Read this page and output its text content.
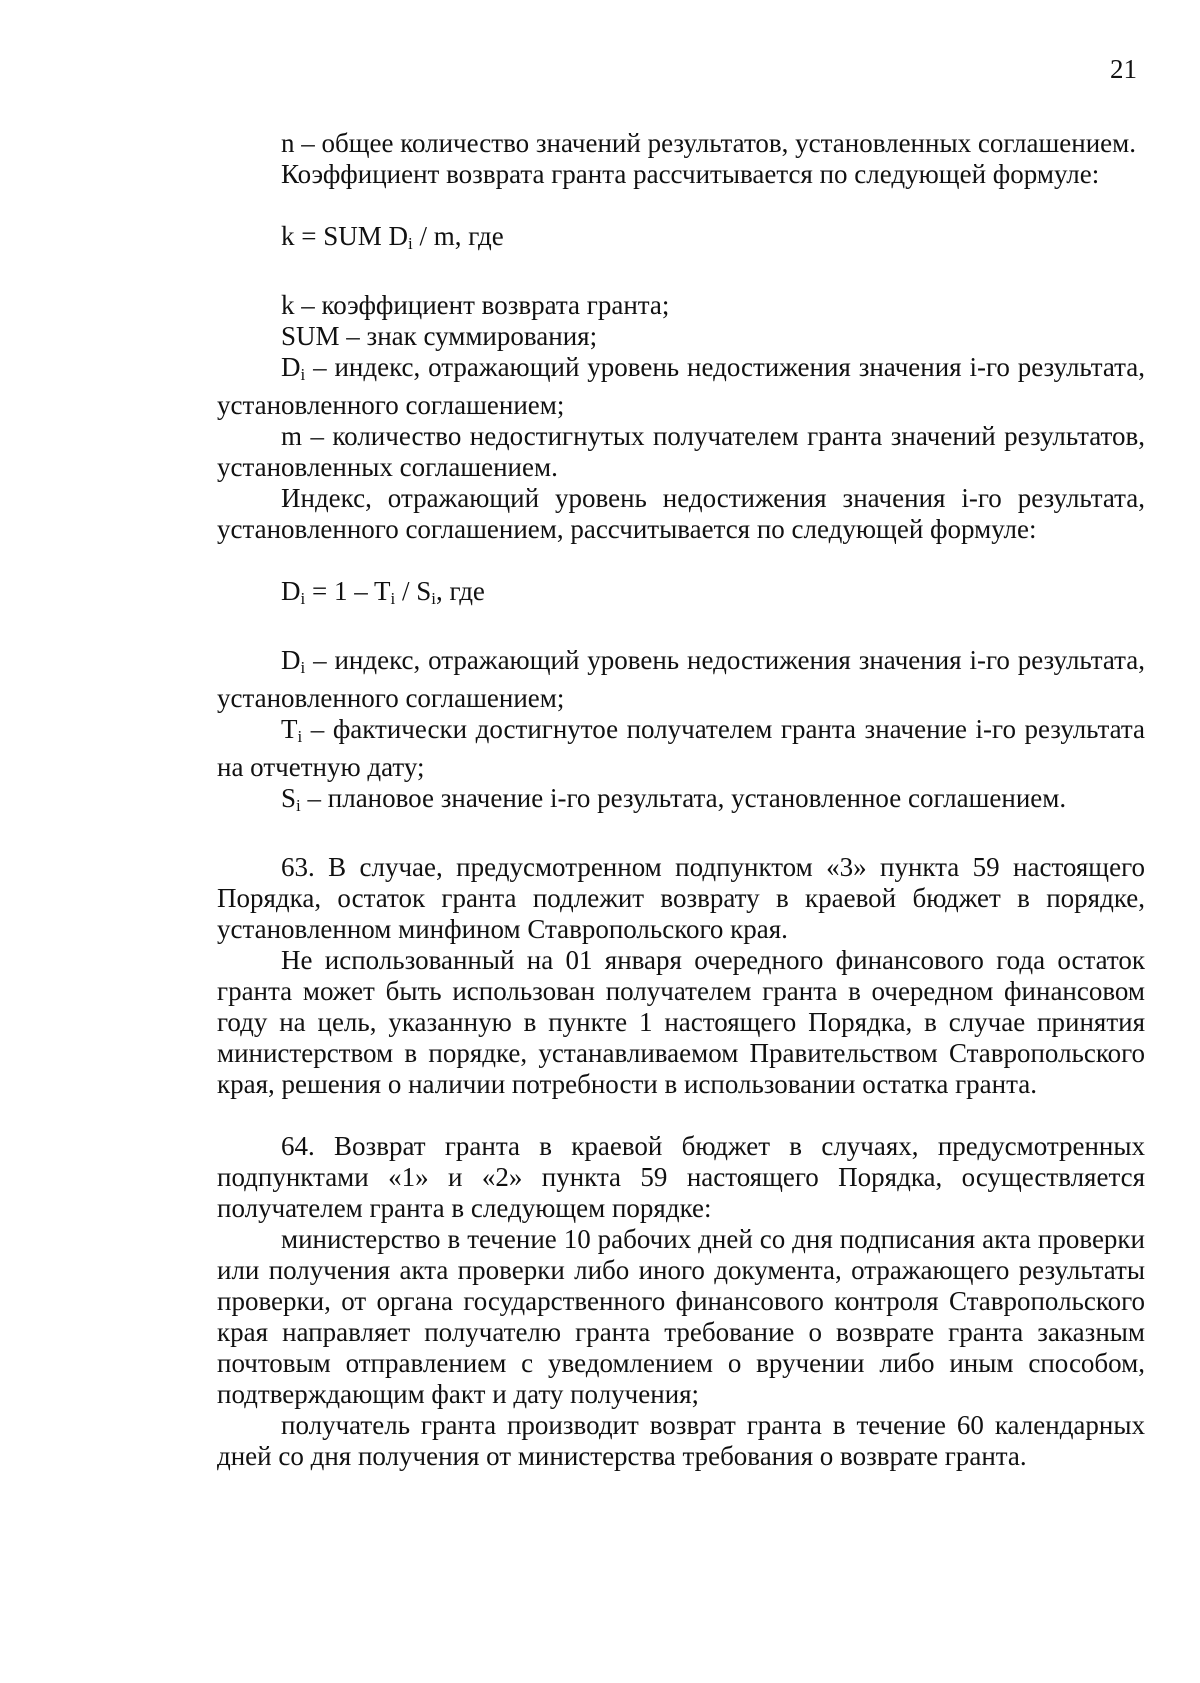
21

n – общее количество значений результатов, установленных соглашением.

Коэффициент возврата гранта рассчитывается по следующей формуле:

k = SUM $D_i$ / m, где

k – коэффициент возврата гранта;

SUM – знак суммирования;

$D_i$ – индекс, отражающий уровень недостижения значения i-го результата, установленного соглашением;

m – количество недостигнутых получателем гранта значений результатов, установленных соглашением.

Индекс, отражающий уровень недостижения значения i-го результата, установленного соглашением, рассчитывается по следующей формуле:

$D_i = 1 - T_i / S_i$, где

$D_i$ – индекс, отражающий уровень недостижения значения i-го результата, установленного соглашением;

$T_i$ – фактически достигнутое получателем гранта значение i-го результата на отчетную дату;

$S_i$ – плановое значение i-го результата, установленное соглашением.

63. В случае, предусмотренном подпунктом «3» пункта 59 настоящего Порядка, остаток гранта подлежит возврату в краевой бюджет в порядке, установленном минфином Ставропольского края.

Не использованный на 01 января очередного финансового года остаток гранта может быть использован получателем гранта в очередном финансовом году на цель, указанную в пункте 1 настоящего Порядка, в случае принятия министерством в порядке, устанавливаемом Правительством Ставропольского края, решения о наличии потребности в использовании остатка гранта.

64. Возврат гранта в краевой бюджет в случаях, предусмотренных подпунктами «1» и «2» пункта 59 настоящего Порядка, осуществляется получателем гранта в следующем порядке:

министерство в течение 10 рабочих дней со дня подписания акта проверки или получения акта проверки либо иного документа, отражающего результаты проверки, от органа государственного финансового контроля Ставропольского края направляет получателю гранта требование о возврате гранта заказным почтовым отправлением с уведомлением о вручении либо иным способом, подтверждающим факт и дату получения;

получатель гранта производит возврат гранта в течение 60 календарных дней со дня получения от министерства требования о возврате гранта.
